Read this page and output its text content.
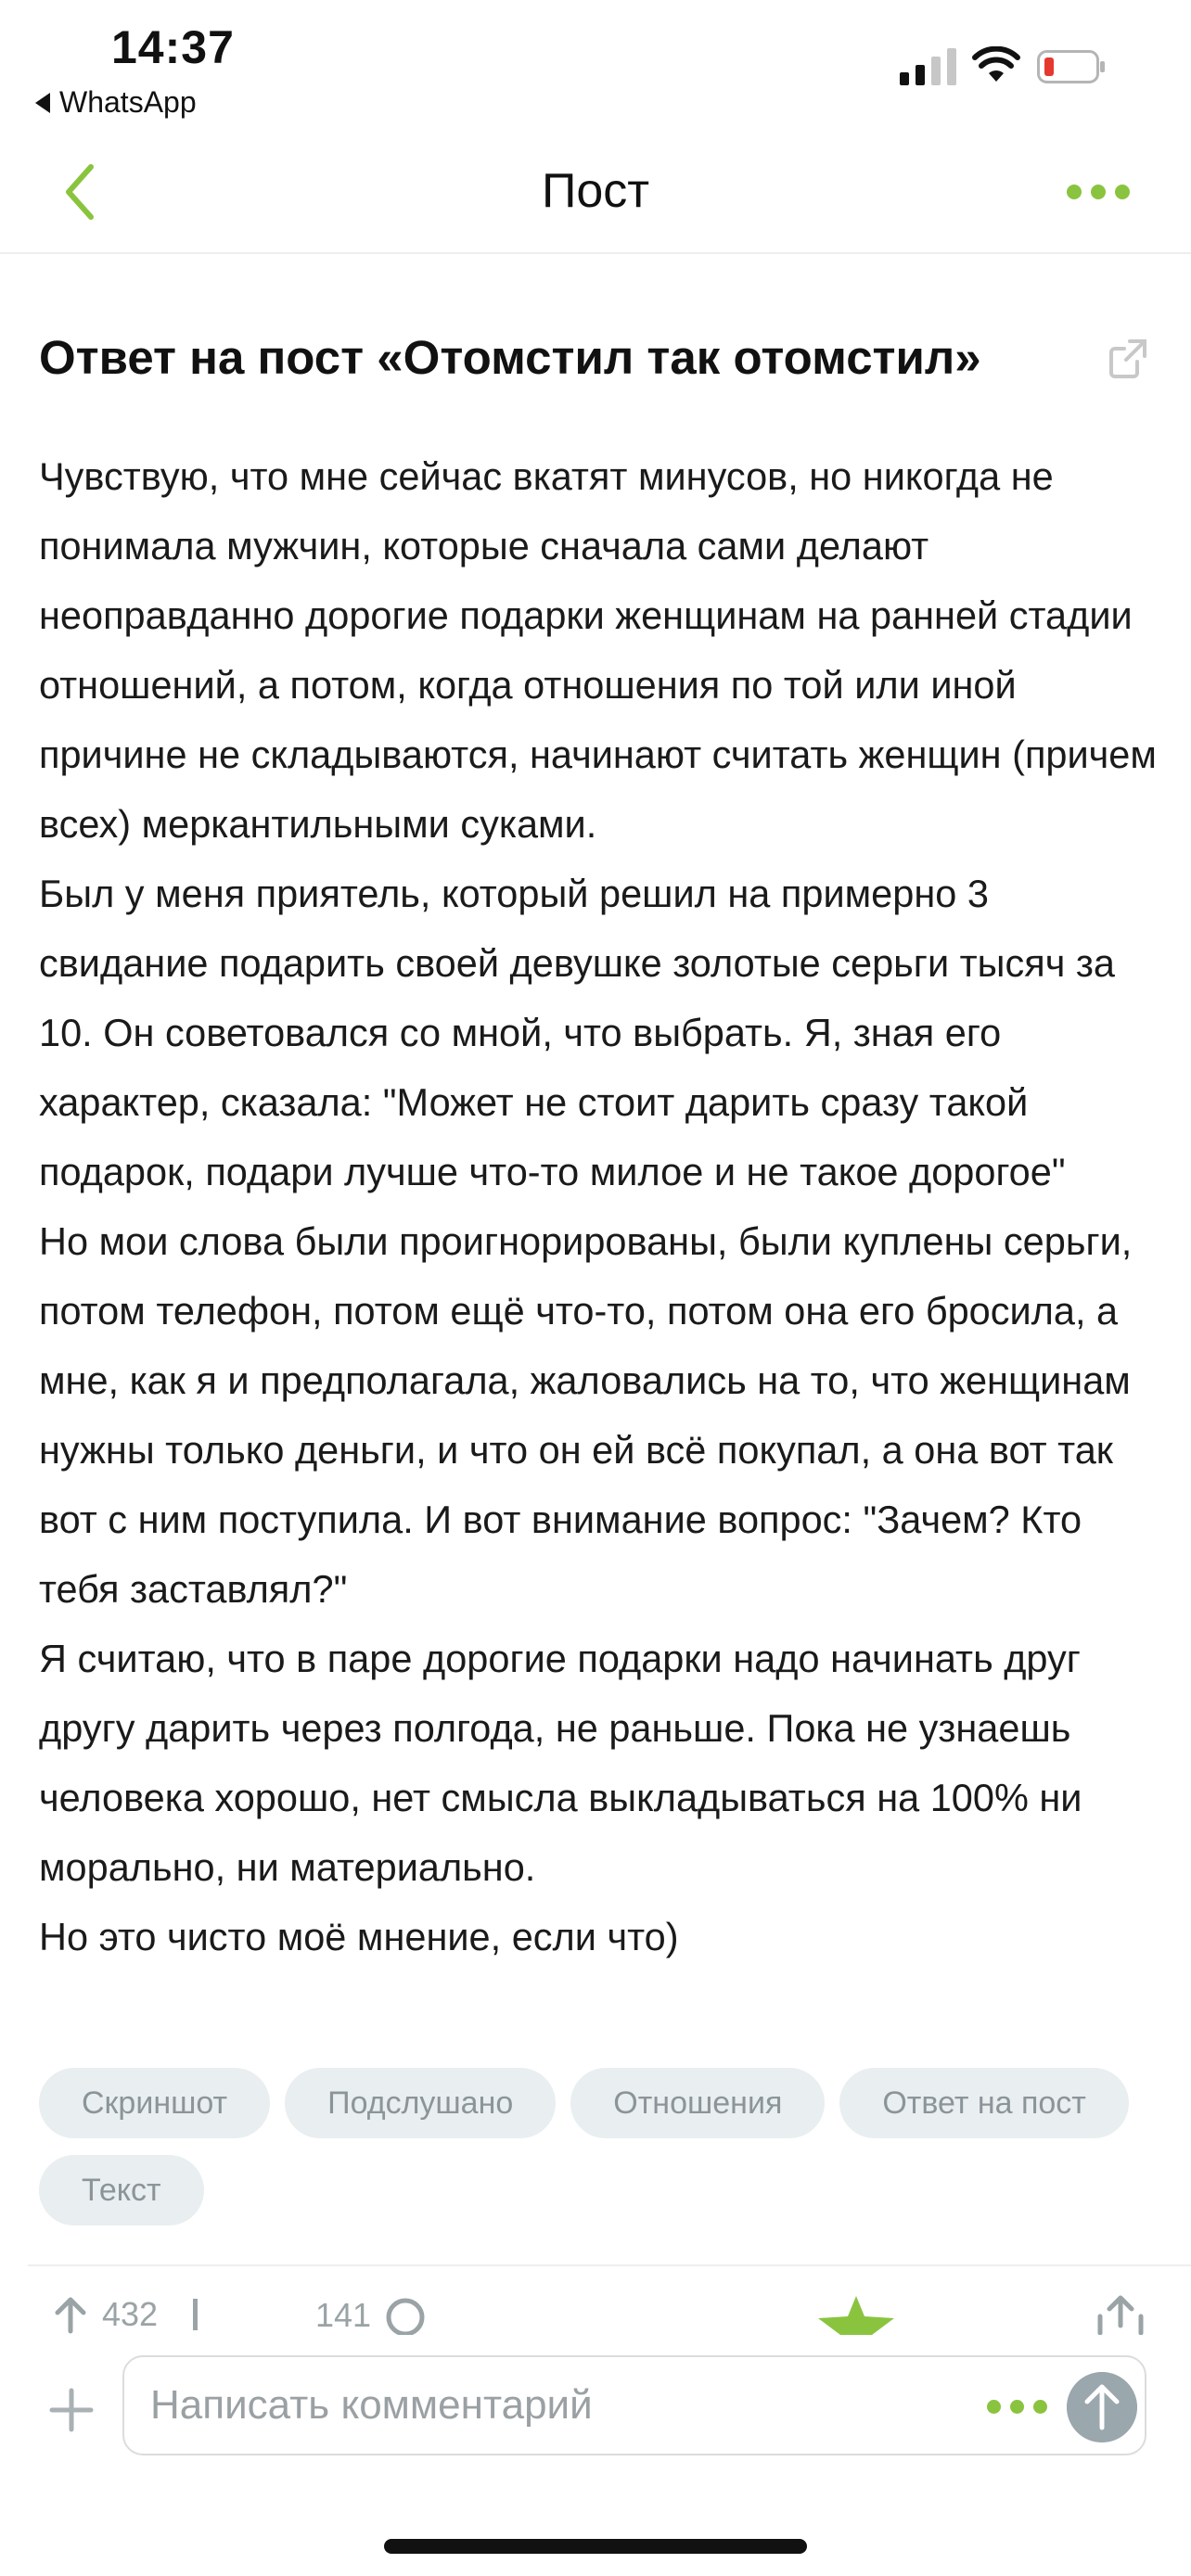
14:37
WhatsApp
Пост
Ответ на пост «Отомстил так отомстил»

Чувствую, что мне сейчас вкатят минусов, но никогда не понимала мужчин, которые сначала сами делают неоправданно дорогие подарки женщинам на ранней стадии отношений, а потом, когда отношения по той или иной причине не складываются, начинают считать женщин (причем всех) меркантильными суками.

Был у меня приятель, который решил на примерно 3 свидание подарить своей девушке золотые серьги тысяч за 10. Он советовался со мной, что выбрать. Я, зная его характер, сказала: "Может не стоит дарить сразу такой подарок, подари лучше что-то милое и не такое дорогое"

Но мои слова были проигнорированы, были куплены серьги, потом телефон, потом ещё что-то, потом она его бросила, а мне, как я и предполагала, жаловались на то, что женщинам нужны только деньги, и что он ей всё покупал, а она вот так вот с ним поступила. И вот внимание вопрос: "Зачем? Кто тебя заставлял?"

Я считаю, что в паре дорогие подарки надо начинать друг другу дарить через полгода, не раньше. Пока не узнаешь человека хорошо, нет смысла выкладываться на 100% ни морально, ни материально.

Но это чисто моё мнение, если что)

Скриншот	Подслушано	Отношения	Ответ на пост
Текст
432	141
Написать комментарий
